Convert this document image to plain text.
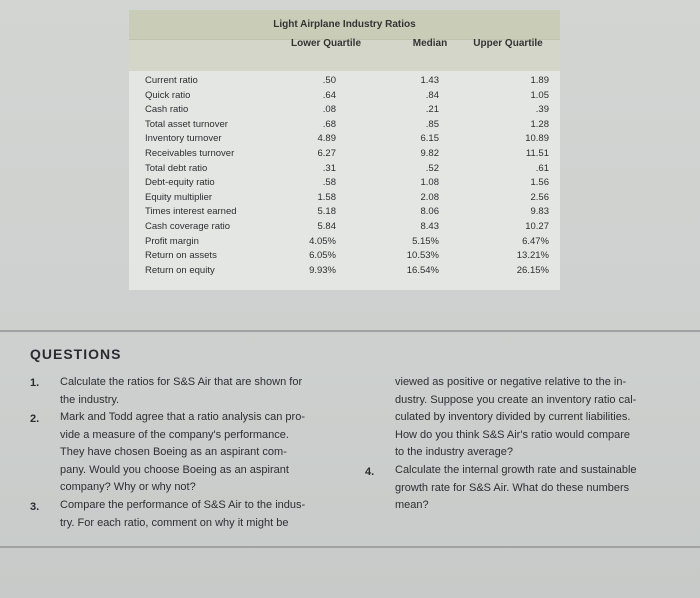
Light Airplane Industry Ratios
Lower Quartile	Median	Upper Quartile
Current ratio	.50	1.43	1.89
Quick ratio	.64	.84	1.05
Cash ratio	.08	.21	.39
Total asset turnover	.68	.85	1.28
Inventory turnover	4.89	6.15	10.89
Receivables turnover	6.27	9.82	11.51
Total debt ratio	.31	.52	.61
Debt-equity ratio	.58	1.08	1.56
Equity multiplier	1.58	2.08	2.56
Times interest earned	5.18	8.06	9.83
Cash coverage ratio	5.84	8.43	10.27
Profit margin	4.05%	5.15%	6.47%
Return on assets	6.05%	10.53%	13.21%
Return on equity	9.93%	16.54%	26.15%
QUESTIONS
1. Calculate the ratios for S&S Air that are shown for
the industry.
2. Mark and Todd agree that a ratio analysis can pro-
vide a measure of the company's performance.
They have chosen Boeing as an aspirant com-
pany. Would you choose Boeing as an aspirant
company? Why or why not?
3. Compare the performance of S&S Air to the indus-
try. For each ratio, comment on why it might be
viewed as positive or negative relative to the in-
dustry. Suppose you create an inventory ratio cal-
culated by inventory divided by current liabilities.
How do you think S&S Air's ratio would compare
to the industry average?
4. Calculate the internal growth rate and sustainable
growth rate for S&S Air. What do these numbers
mean?
